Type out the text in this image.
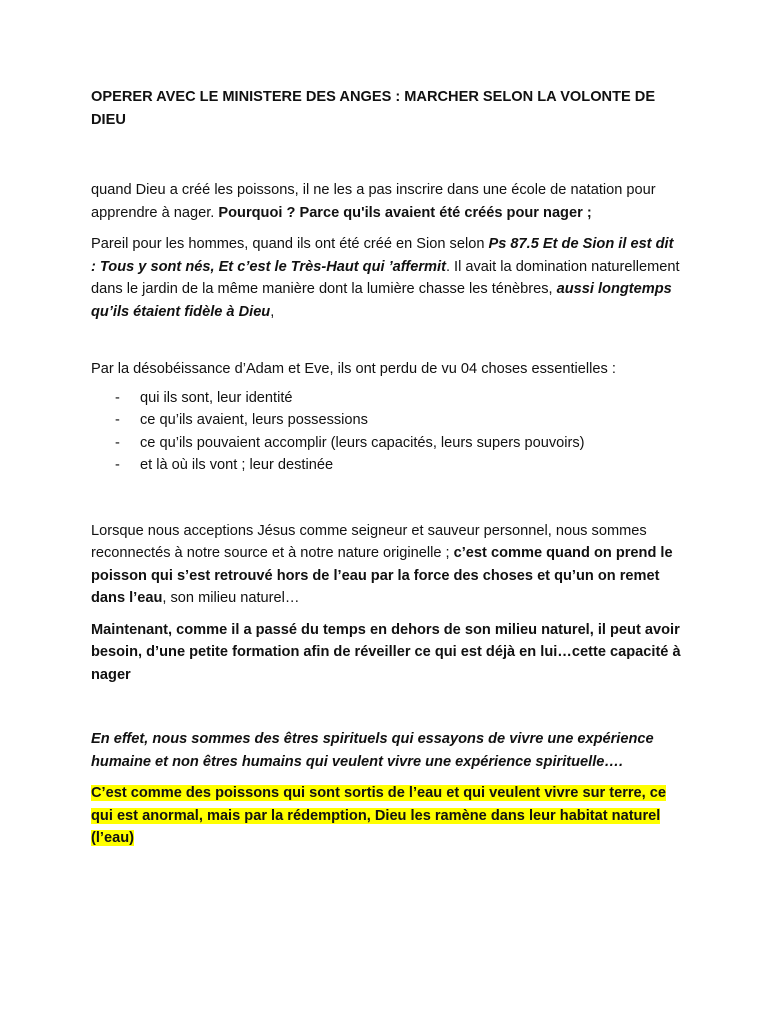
OPERER AVEC LE MINISTERE DES ANGES : MARCHER SELON LA VOLONTE DE DIEU

quand Dieu a créé les poissons, il ne les a pas inscrire dans une école de natation pour apprendre à nager. Pourquoi ? Parce qu'ils avaient été créés pour nager ;

Pareil pour les hommes, quand ils ont été créé en Sion selon Ps 87.5 Et de Sion il est dit : Tous y sont nés, Et c’est le Très-Haut qui ’affermit. Il avait la domination naturellement dans le jardin de la même manière dont la lumière chasse les ténèbres, aussi longtemps qu’ils étaient fidèle à Dieu,

Par la désobéissance d’Adam et Eve, ils ont perdu de vu 04 choses essentielles :

- qui ils sont, leur identité
- ce qu’ils avaient, leurs possessions
- ce qu’ils pouvaient accomplir (leurs capacités, leurs supers pouvoirs)
- et là où ils vont ; leur destinée

Lorsque nous acceptions Jésus comme seigneur et sauveur personnel, nous sommes reconnectés à notre source et à notre nature originelle ; c’est comme quand on prend le poisson qui s’est retrouvé hors de l’eau par la force des choses et qu’un on remet dans l’eau, son milieu naturel…

Maintenant, comme il a passé du temps en dehors de son milieu naturel, il peut avoir besoin, d’une petite formation afin de réveiller ce qui est déjà en lui…cette capacité à nager

En effet, nous sommes des êtres spirituels qui essayons de vivre une expérience humaine et non êtres humains qui veulent vivre une expérience spirituelle….

C’est comme des poissons qui sont sortis de l’eau et qui veulent vivre sur terre, ce qui est anormal, mais par la rédemption, Dieu les ramène dans leur habitat naturel (l’eau)
